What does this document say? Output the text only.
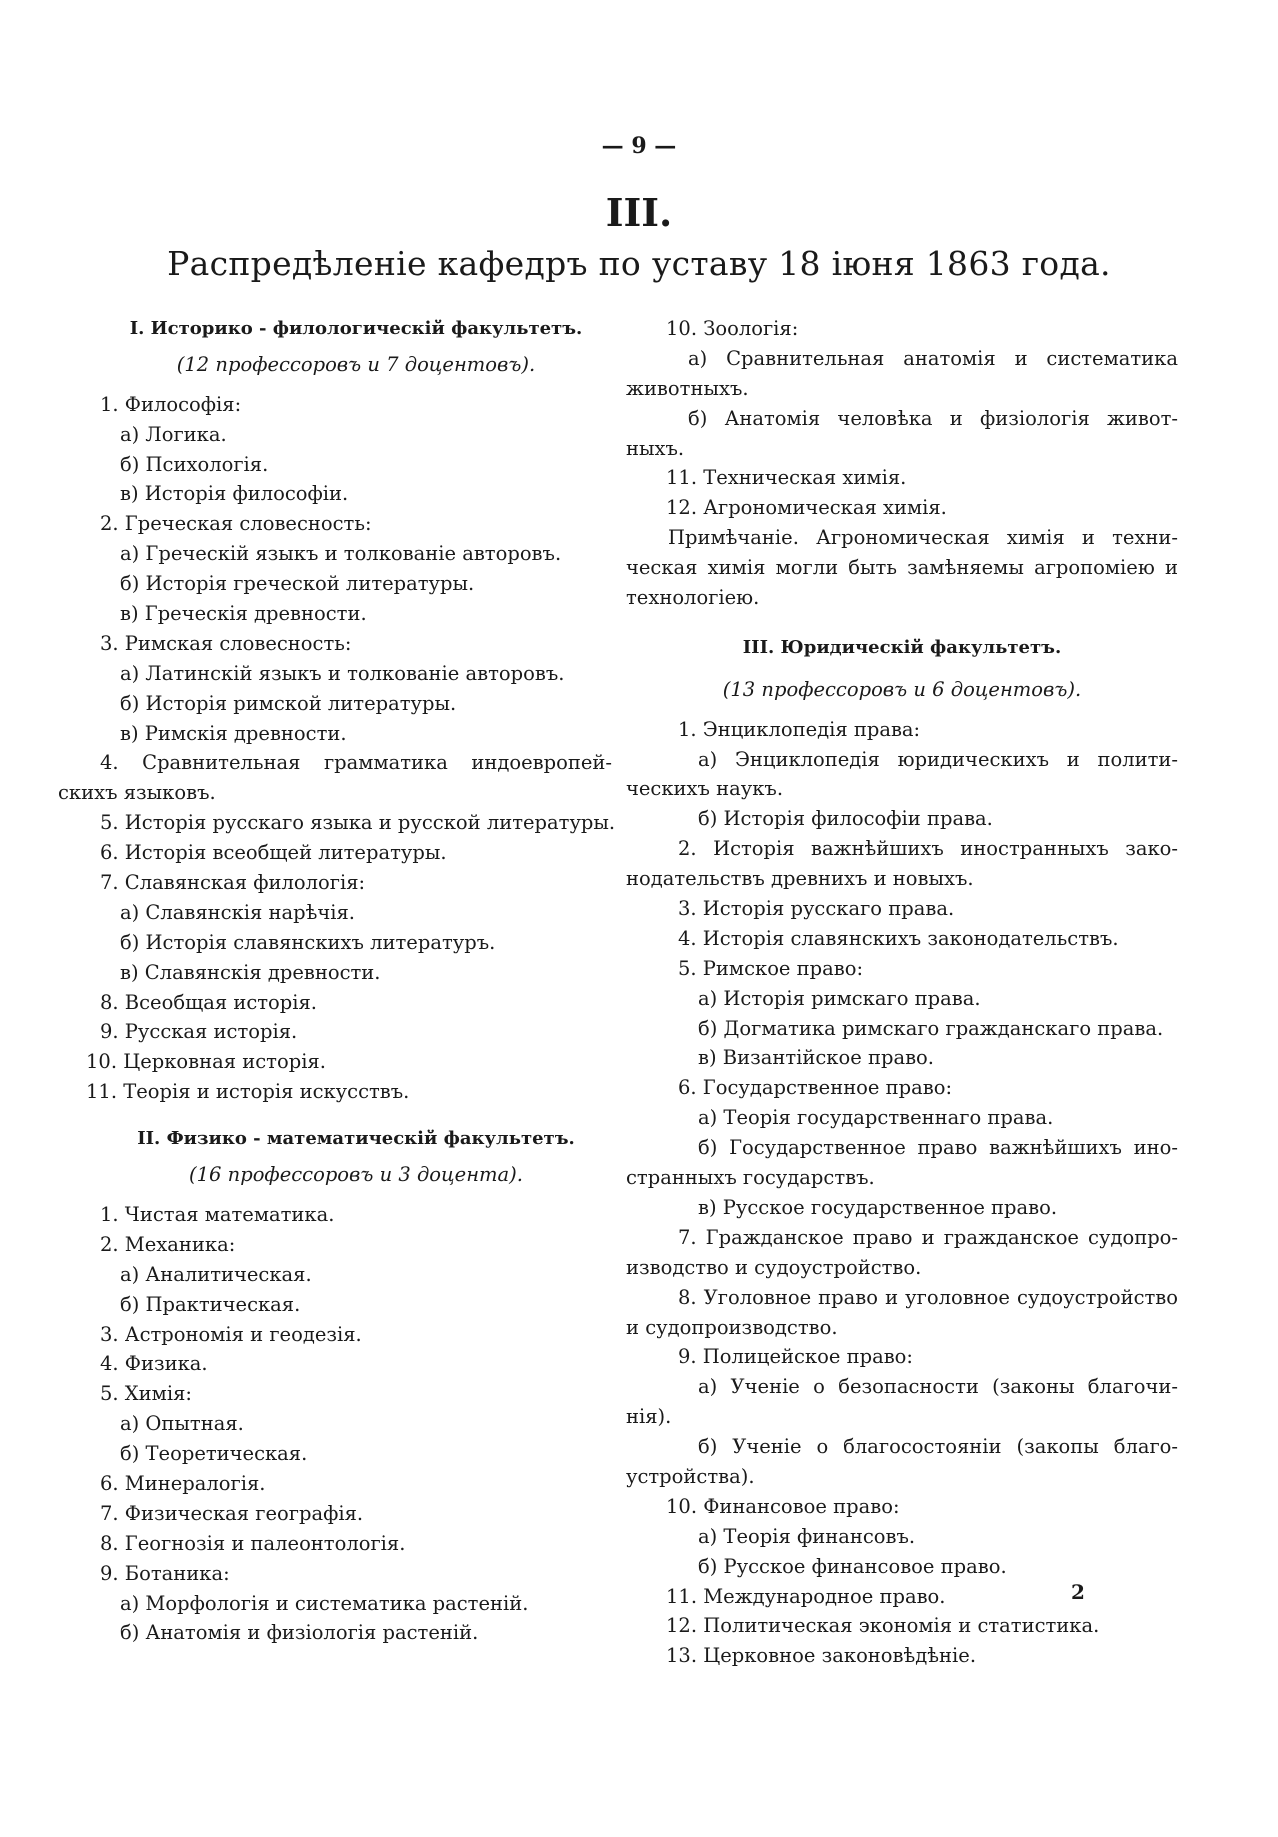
— 9 —
III.
Распредѣленіе кафедръ по уставу 18 іюня 1863 года.
I. Историко - филологическій факультетъ.
(12 профессоровъ и 7 доцентовъ).
1. Философія:
а) Логика.
б) Психологія.
в) Исторія философіи.
2. Греческая словесность:
а) Греческій языкъ и толкованіе авторовъ.
б) Исторія греческой литературы.
в) Греческія древности.
3. Римская словесность:
а) Латинскій языкъ и толкованіе авторовъ.
б) Исторія римской литературы.
в) Римскія древности.
4. Сравнительная грамматика индоевропей-
скихъ языковъ.
5. Исторія русскаго языка и русской литературы.
6. Исторія всеобщей литературы.
7. Славянская филологія:
а) Славянскія нарѣчія.
б) Исторія славянскихъ литературъ.
в) Славянскія древности.
8. Всеобщая исторія.
9. Русская исторія.
10. Церковная исторія.
11. Теорія и исторія искусствъ.
II. Физико - математическій факультетъ.
(16 профессоровъ и 3 доцента).
1. Чистая математика.
2. Механика:
а) Аналитическая.
б) Практическая.
3. Астрономія и геодезія.
4. Физика.
5. Химія:
а) Опытная.
б) Теоретическая.
6. Минералогія.
7. Физическая географія.
8. Геогнозія и палеонтологія.
9. Ботаника:
а) Морфологія и систематика растеній.
б) Анатомія и физіологія растеній.
10. Зоологія:
а) Сравнительная анатомія и систематика
животныхъ.
б) Анатомія человѣка и физіологія живот-
ныхъ.
11. Техническая химія.
12. Агрономическая химія.
Примѣчаніе. Агрономическая химія и техни-
ческая химія могли быть замѣняемы агропоміею и
технологіею.
III. Юридическій факультетъ.
(13 профессоровъ и 6 доцентовъ).
1. Энциклопедія права:
а) Энциклопедія юридическихъ и полити-
ческихъ наукъ.
б) Исторія философіи права.
2. Исторія важнѣйшихъ иностранныхъ зако-
нодательствъ древнихъ и новыхъ.
3. Исторія русскаго права.
4. Исторія славянскихъ законодательствъ.
5. Римское право:
а) Исторія римскаго права.
б) Догматика римскаго гражданскаго права.
в) Византійское право.
6. Государственное право:
а) Теорія государственнаго права.
б) Государственное право важнѣйшихъ ино-
странныхъ государствъ.
в) Русское государственное право.
7. Гражданское право и гражданское судопро-
изводство и судоустройство.
8. Уголовное право и уголовное судоустройство
и судопроизводство.
9. Полицейское право:
а) Ученіе о безопасности (законы благочи-
нія).
б) Ученіе о благосостояніи (закопы благо-
устройства).
10. Финансовое право:
а) Теорія финансовъ.
б) Русское финансовое право.
11. Международное право.
12. Политическая экономія и статистика.
13. Церковное законовѣдѣніе.
2
